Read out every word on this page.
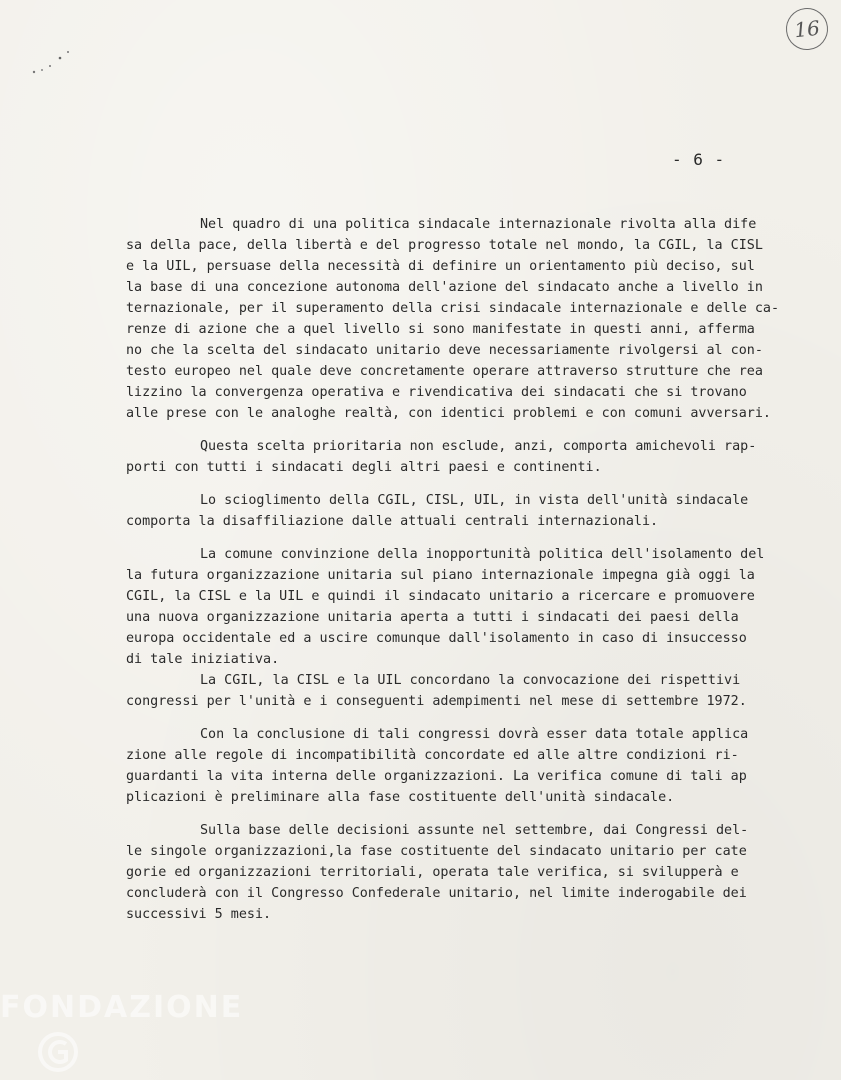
16
- 6 -
Nel quadro di una politica sindacale internazionale rivolta alla dife
sa della pace, della libertà e del progresso totale nel mondo, la CGIL, la CISL
e la UIL, persuase della necessità di definire un orientamento più deciso, sul
la base di una concezione autonoma dell'azione del sindacato anche a livello in
ternazionale, per il superamento della crisi sindacale internazionale e delle ca-
renze di azione che a quel livello si sono manifestate in questi anni, afferma
no che la scelta del sindacato unitario deve necessariamente rivolgersi al con-
testo europeo nel quale deve concretamente operare attraverso strutture che rea
lizzino la convergenza operativa e rivendicativa dei sindacati che si trovano
alle prese con le analoghe realtà, con identici problemi e con comuni avversari.
Questa scelta prioritaria non esclude, anzi, comporta amichevoli rap-
porti con tutti i sindacati degli altri paesi e continenti.
Lo scioglimento della CGIL, CISL, UIL, in vista dell'unità sindacale
comporta la disaffiliazione dalle attuali centrali internazionali.
La comune convinzione della inopportunità politica dell'isolamento del
la futura organizzazione unitaria sul piano internazionale impegna già oggi la
CGIL, la CISL e la UIL e quindi il sindacato unitario a ricercare e promuovere
una nuova organizzazione unitaria aperta a tutti i sindacati dei paesi della
europa occidentale ed a uscire comunque dall'isolamento in caso di insuccesso
di tale iniziativa.
La CGIL, la CISL e la UIL concordano la convocazione dei rispettivi
congressi per l'unità e i conseguenti adempimenti nel mese di settembre 1972.
Con la conclusione di tali congressi dovrà esser data totale applica
zione alle regole di incompatibilità concordate ed alle altre condizioni ri-
guardanti la vita interna delle organizzazioni. La verifica comune di tali ap
plicazioni è preliminare alla fase costituente dell'unità sindacale.
Sulla base delle decisioni assunte nel settembre, dai Congressi del-
le singole organizzazioni,la fase costituente del sindacato unitario per cate
gorie ed organizzazioni territoriali, operata tale verifica, si svilupperà e
concluderà con il Congresso Confederale unitario, nel limite inderogabile dei
successivi 5 mesi.
FONDAZIONE
